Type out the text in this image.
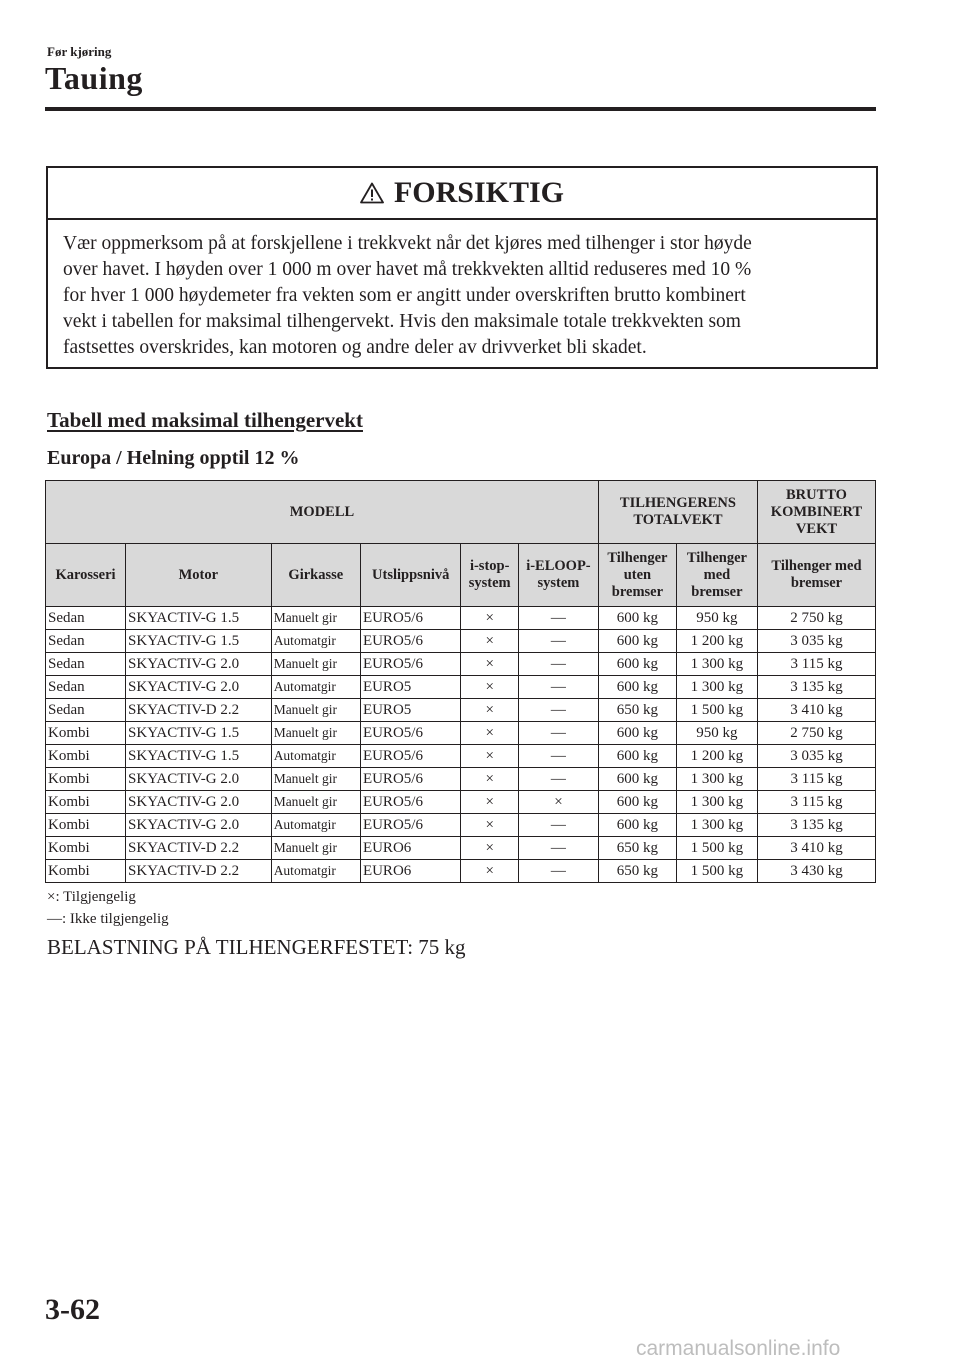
Før kjøring
Tauing
FORSIKTIG

Vær oppmerksom på at forskjellene i trekkvekt når det kjøres med tilhenger i stor høyde

over havet. I høyden over 1 000 m over havet må trekkvekten alltid reduseres med 10 %

for hver 1 000 høydemeter fra vekten som er angitt under overskriften brutto kombinert

vekt i tabellen for maksimal tilhengervekt. Hvis den maksimale totale trekkvekten som

fastsettes overskrides, kan motoren og andre deler av drivverket bli skadet.

Tabell med maksimal tilhengervekt
Europa / Helning opptil 12 %
MODELL						TILHENGERENS TOTALVEKT		BRUTTO KOMBINERT VEKT
Karosseri	Motor	Girkasse	Utslippsnivå	i-stop-system	i-ELOOP-system	Tilhenger uten bremser	Tilhenger med bremser	Tilhenger med bremser
Sedan	SKYACTIV-G 1.5	Manuelt gir	EURO5/6	×	—	600 kg	950 kg	2 750 kg
Sedan	SKYACTIV-G 1.5	Automatgir	EURO5/6	×	—	600 kg	1 200 kg	3 035 kg
Sedan	SKYACTIV-G 2.0	Manuelt gir	EURO5/6	×	—	600 kg	1 300 kg	3 115 kg
Sedan	SKYACTIV-G 2.0	Automatgir	EURO5	×	—	600 kg	1 300 kg	3 135 kg
Sedan	SKYACTIV-D 2.2	Manuelt gir	EURO5	×	—	650 kg	1 500 kg	3 410 kg
Kombi	SKYACTIV-G 1.5	Manuelt gir	EURO5/6	×	—	600 kg	950 kg	2 750 kg
Kombi	SKYACTIV-G 1.5	Automatgir	EURO5/6	×	—	600 kg	1 200 kg	3 035 kg
Kombi	SKYACTIV-G 2.0	Manuelt gir	EURO5/6	×	—	600 kg	1 300 kg	3 115 kg
Kombi	SKYACTIV-G 2.0	Manuelt gir	EURO5/6	×	×	600 kg	1 300 kg	3 115 kg
Kombi	SKYACTIV-G 2.0	Automatgir	EURO5/6	×	—	600 kg	1 300 kg	3 135 kg
Kombi	SKYACTIV-D 2.2	Manuelt gir	EURO6	×	—	650 kg	1 500 kg	3 410 kg
Kombi	SKYACTIV-D 2.2	Automatgir	EURO6	×	—	650 kg	1 500 kg	3 430 kg
×: Tilgjengelig
—: Ikke tilgjengelig
BELASTNING PÅ TILHENGERFESTET: 75 kg
3-62
carmanualsonline.info
